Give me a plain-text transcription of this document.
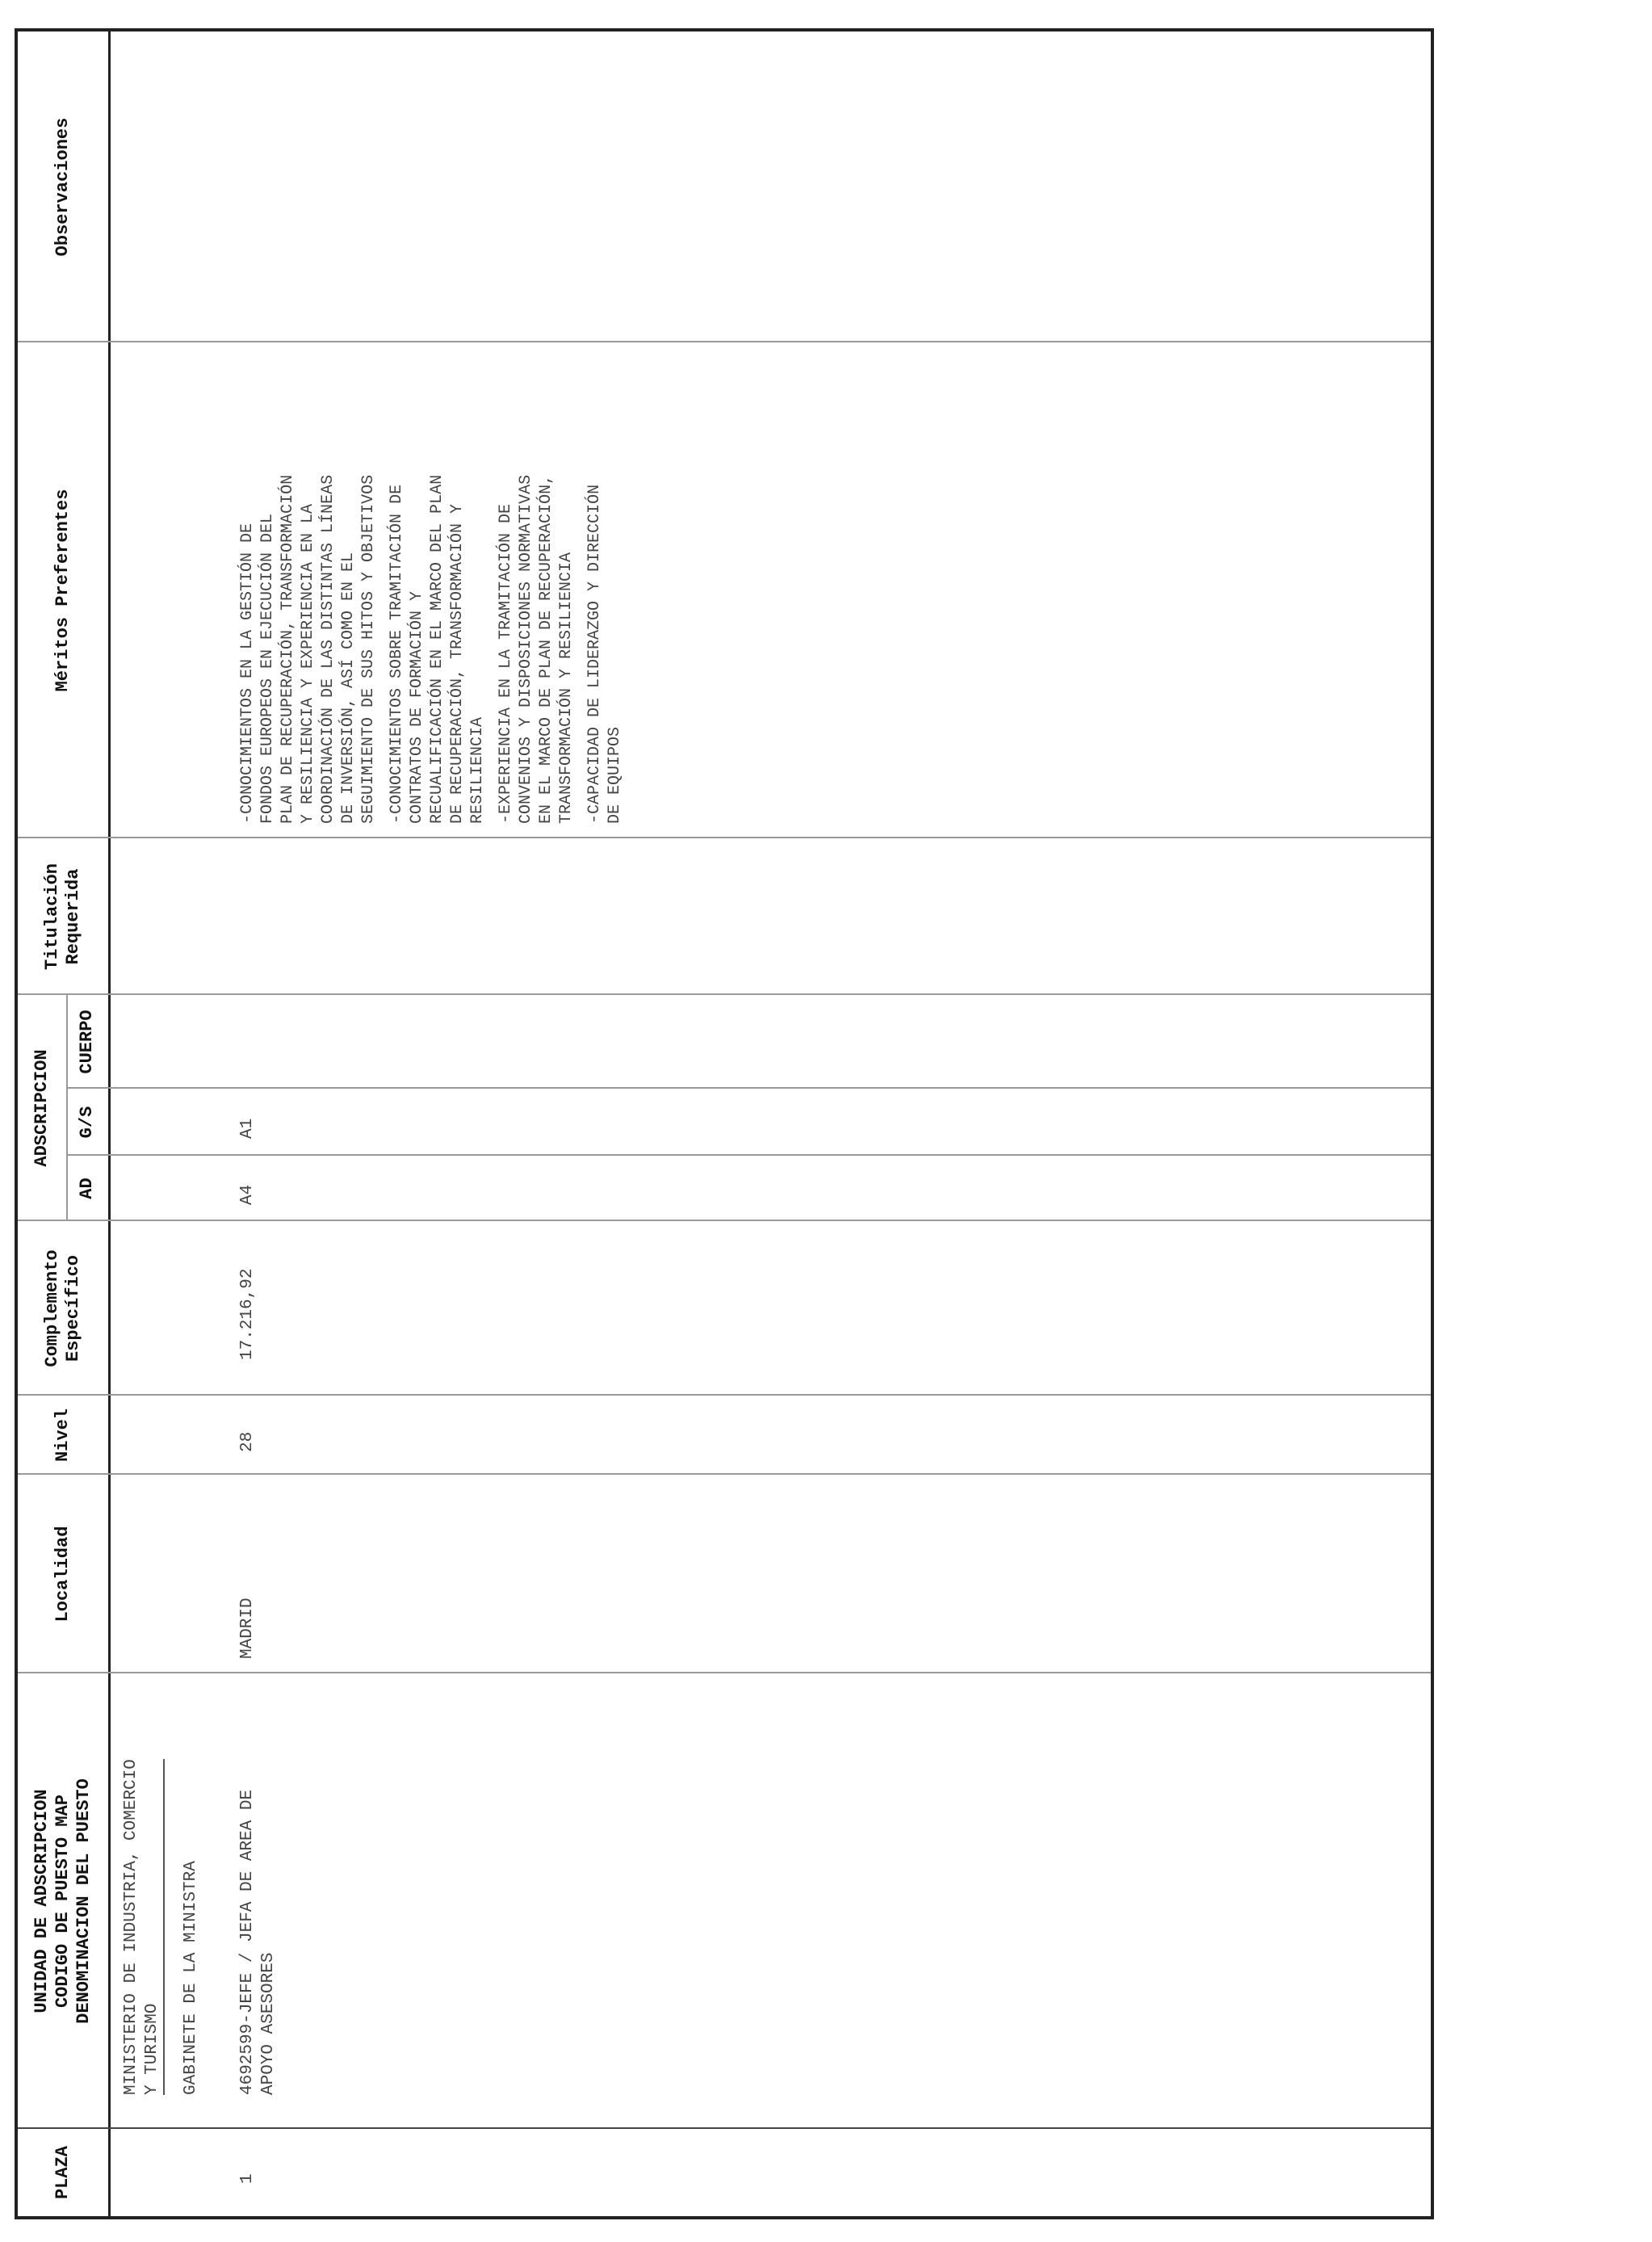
PLAZA
UNIDAD DE ADSCRIPCION CODIGO DE PUESTO MAP DENOMINACION DEL PUESTO
Localidad
Nivel
Complemento Específico
ADSCRIPCION
AD
G/S
CUERPO
Titulación Requerida
Méritos Preferentes
Observaciones
MINISTERIO DE INDUSTRIA, COMERCIO Y TURISMO GABINETE DE LA MINISTRA
1
4692599-JEFE / JEFA DE AREA DE APOYO ASESORES
MADRID
28
17.216,92
A4
A1
-CONOCIMIENTOS EN LA GESTIÓN DE FONDOS EUROPEOS EN EJECUCIÓN DEL PLAN DE RECUPERACIÓN, TRANSFORMACIÓN Y RESILIENCIA Y EXPERIENCIA EN LA COORDINACIÓN DE LAS DISTINTAS LÍNEAS DE INVERSIÓN, ASÍ COMO EN EL SEGUIMIENTO DE SUS HITOS Y OBJETIVOS -CONOCIMIENTOS SOBRE TRAMITACIÓN DE CONTRATOS DE FORMACIÓN Y RECUALIFICACIÓN EN EL MARCO DEL PLAN DE RECUPERACIÓN, TRANSFORMACIÓN Y RESILIENCIA -EXPERIENCIA EN LA TRAMITACIÓN DE CONVENIOS Y DISPOSICIONES NORMATIVAS EN EL MARCO DE PLAN DE RECUPERACIÓN, TRANSFORMACIÓN Y RESILIENCIA -CAPACIDAD DE LIDERAZGO Y DIRECCIÓN DE EQUIPOS
